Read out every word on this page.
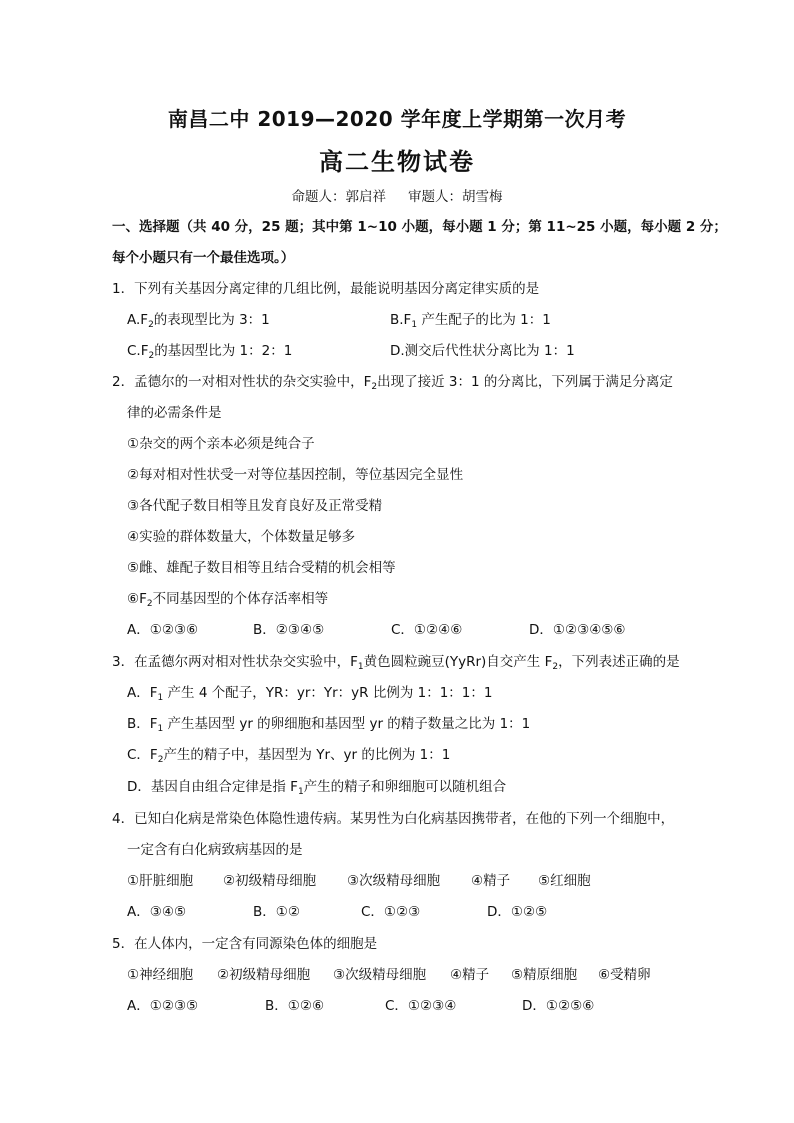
南昌二中 2019—2020 学年度上学期第一次月考
高二生物试卷
命题人：郭启祥 审题人：胡雪梅
一、选择题（共 40 分，25 题；其中第 1~10 小题，每小题 1 分；第 11~25 小题，每小题 2 分；
每个小题只有一个最佳选项。）
1．下列有关基因分离定律的几组比例，最能说明基因分离定律实质的是
$A.F_2$的表现型比为 3：1	$B.F_1$ 产生配子的比为 1：1
$C.F_2$的基因型比为 1：2：1	D.测交后代性状分离比为 1：1
2．孟德尔的一对相对性状的杂交实验中，$F_2$出现了接近 3：1 的分离比，下列属于满足分离定
律的必需条件是
①杂交的两个亲本必须是纯合子
②每对相对性状受一对等位基因控制，等位基因完全显性
③各代配子数目相等且发育良好及正常受精
④实验的群体数量大，个体数量足够多
⑤雌、雄配子数目相等且结合受精的机会相等
$⑥F_2$不同基因型的个体存活率相等
A．①②③⑥	B．②③④⑤	C．①②④⑥	D．①②③④⑤⑥
3．在孟德尔两对相对性状杂交实验中，$F_1$黄色圆粒豌豆(YyRr)自交产生 $F_2$，下列表述正确的是
A．$F_1$ 产生 4 个配子，YR：yr：Yr：yR 比例为 1：1：1：1
B．$F_1$ 产生基因型 yr 的卵细胞和基因型 yr 的精子数量之比为 1：1
C．$F_2$产生的精子中，基因型为 Yr、yr 的比例为 1：1
D．基因自由组合定律是指 $F_1$产生的精子和卵细胞可以随机组合
4．已知白化病是常染色体隐性遗传病。某男性为白化病基因携带者，在他的下列一个细胞中，
一定含有白化病致病基因的是
①肝脏细胞 ②初级精母细胞 ③次级精母细胞 ④精子 ⑤红细胞
A．③④⑤	B．①②	C．①②③	D．①②⑤
5．在人体内，一定含有同源染色体的细胞是
①神经细胞 ②初级精母细胞 ③次级精母细胞 ④精子 ⑤精原细胞 ⑥受精卵
A．①②③⑤	B．①②⑥	C．①②③④	D．①②⑤⑥
